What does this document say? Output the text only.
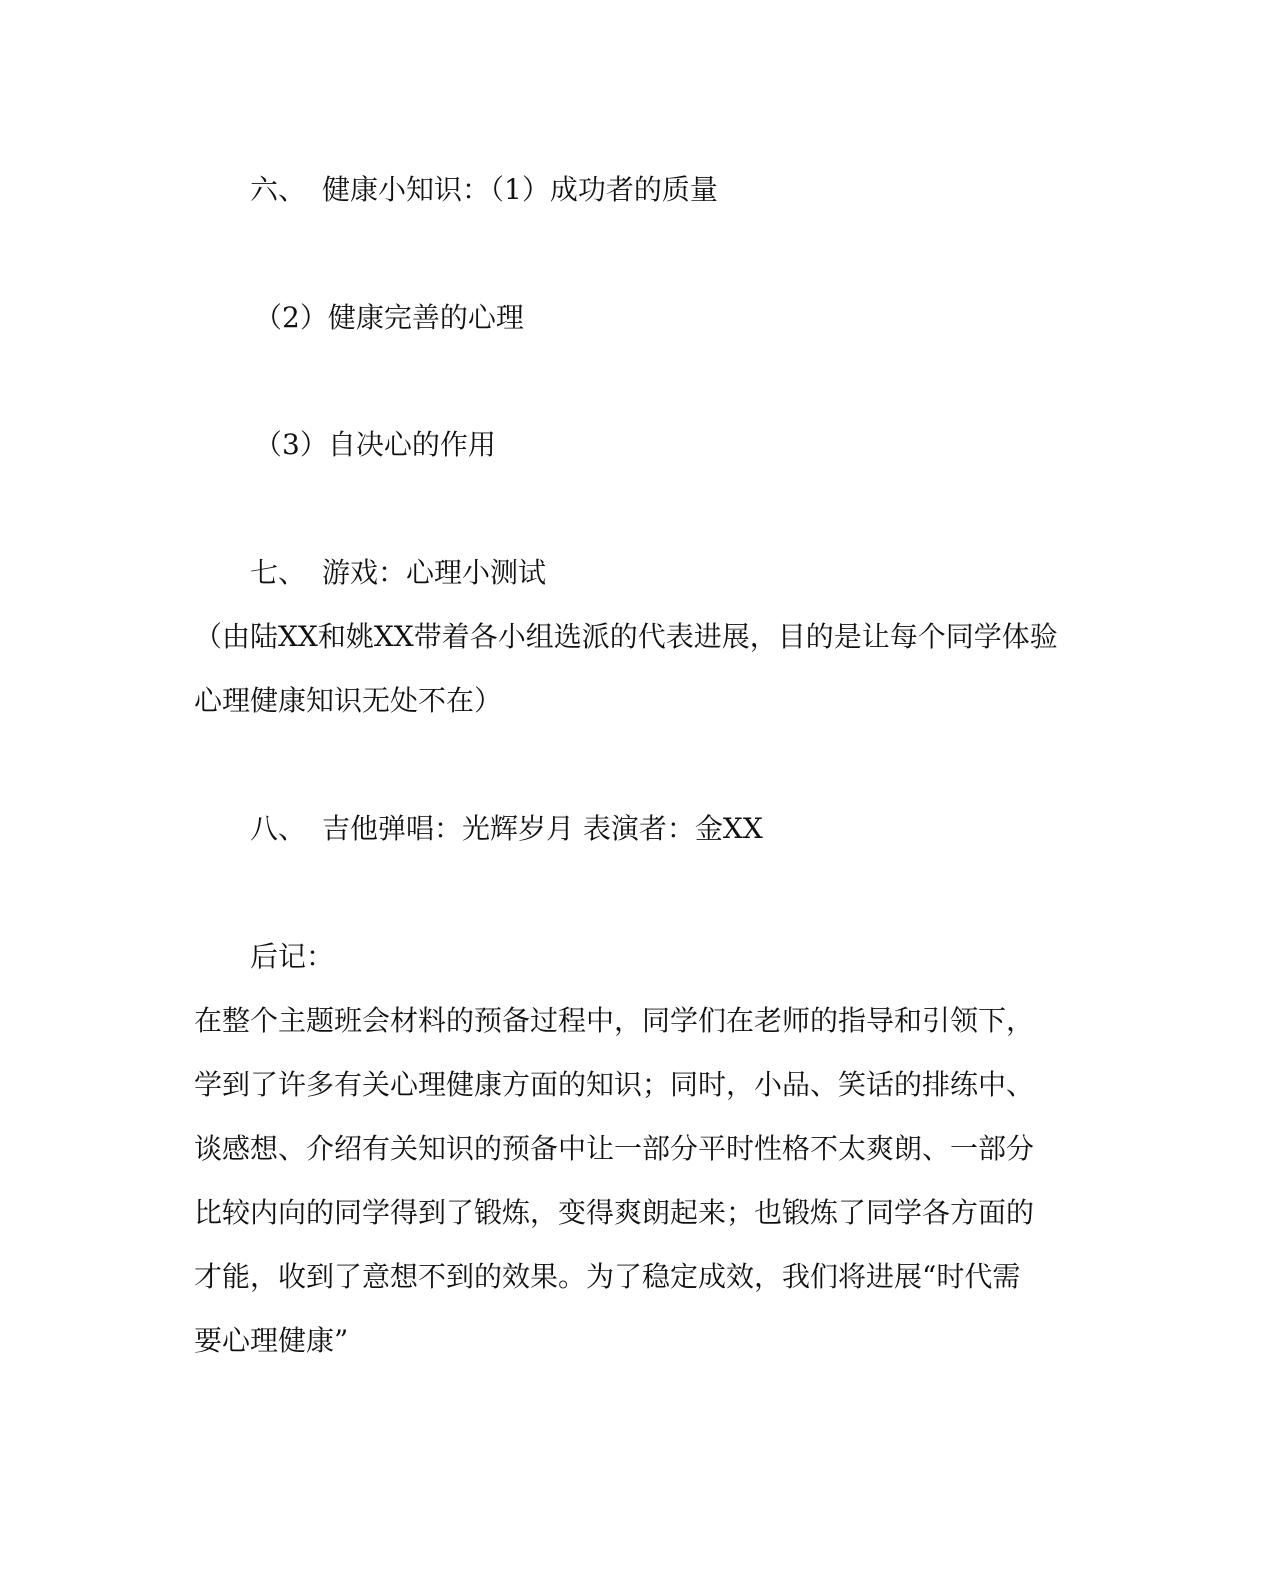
六、 健康小知识：（1）成功者的质量
（2）健康完善的心理
（3）自决心的作用
七、 游戏：心理小测试
（由陆XX和姚XX带着各小组选派的代表进展，目的是让每个同学体验
心理健康知识无处不在）
八、 吉他弹唱：光辉岁月 表演者：金XX
后记：
在整个主题班会材料的预备过程中，同学们在老师的指导和引领下，
学到了许多有关心理健康方面的知识；同时，小品、笑话的排练中、
谈感想、介绍有关知识的预备中让一部分平时性格不太爽朗、一部分
比较内向的同学得到了锻炼，变得爽朗起来；也锻炼了同学各方面的
才能，收到了意想不到的效果。为了稳定成效，我们将进展“时代需
要心理健康”
